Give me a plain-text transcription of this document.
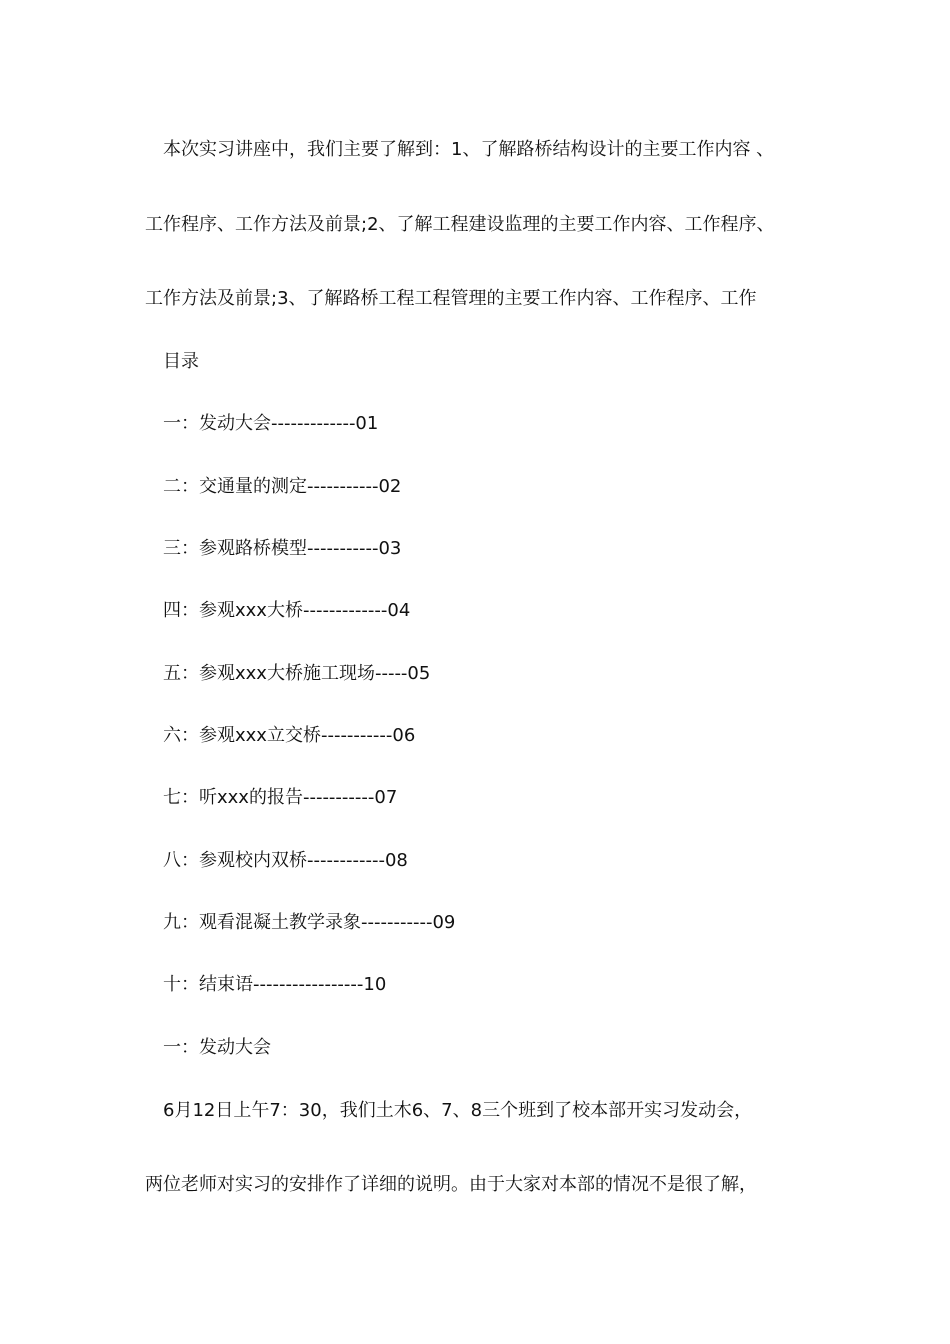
本次实习讲座中，我们主要了解到：1、了解路桥结构设计的主要工作内容 、
工作程序、工作方法及前景;2、了解工程建设监理的主要工作内容、工作程序、
工作方法及前景;3、了解路桥工程工程管理的主要工作内容、工作程序、工作
目录
一：发动大会-------------01
二：交通量的测定-----------02
三：参观路桥模型-----------03
四：参观xxx大桥-------------04
五：参观xxx大桥施工现场-----05
六：参观xxx立交桥-----------06
七：听xxx的报告-----------07
八：参观校内双桥------------08
九：观看混凝土教学录象-----------09
十：结束语-----------------10
一：发动大会
6月12日上午7：30，我们土木6、7、8三个班到了校本部开实习发动会，
两位老师对实习的安排作了详细的说明。由于大家对本部的情况不是很了解，
